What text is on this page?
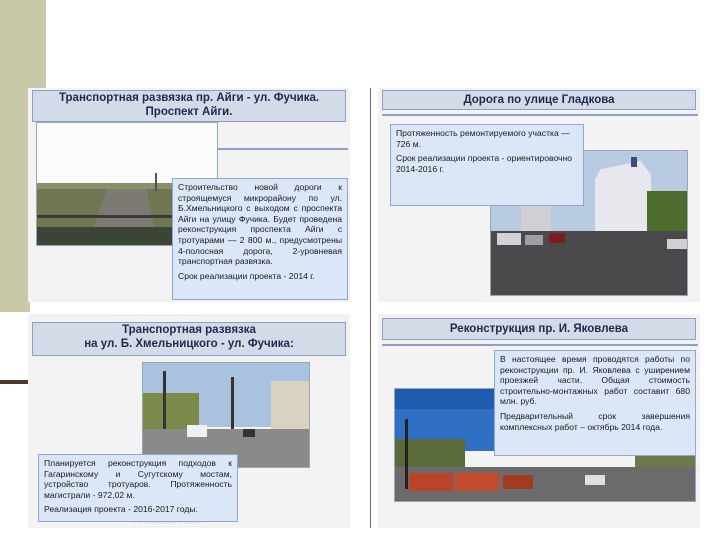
Транспортная развязка пр. Айги - ул. Фучика.
Проспект Айги.

Строительство новой дороги к строящемуся микрорайону по ул. Б.Хмельницкого с выходом с проспекта Айги на улицу Фучика. Будет проведена реконструкция проспекта Айги с тротуарами — 2 800 м., предусмотрены 4-полосная дорога, 2-уровневая транспортная развязка.

Срок реализации проекта - 2014 г.

Дорога по улице Гладкова

Протяженность ремонтируемого участка — 726 м.

Срок реализации проекта - ориентировочно 2014-2016 г.

· · · · · · · · · · · · · · · · · · · · · · · · · · · · · · · ·
Транспортная развязка
на ул. Б. Хмельницкого - ул. Фучика:

Планируется реконструкция подходов к Гагаринскому и Сугутскому мостам, устройство тротуаров. Протяженность магистрали - 972,02 м.

Реализация проекта - 2016-2017 годы.

· · · · · · · · · · · · · · · · · · · · · · · · ·
Реконструкция пр. И. Яковлева

В настоящее время проводятся работы по реконструкции пр. И. Яковлева с уширением проезжей части. Общая стоимость строительно-монтажных работ составит 680 млн. руб.

Предварительный срок завершения комплексных работ – октябрь 2014 года.
